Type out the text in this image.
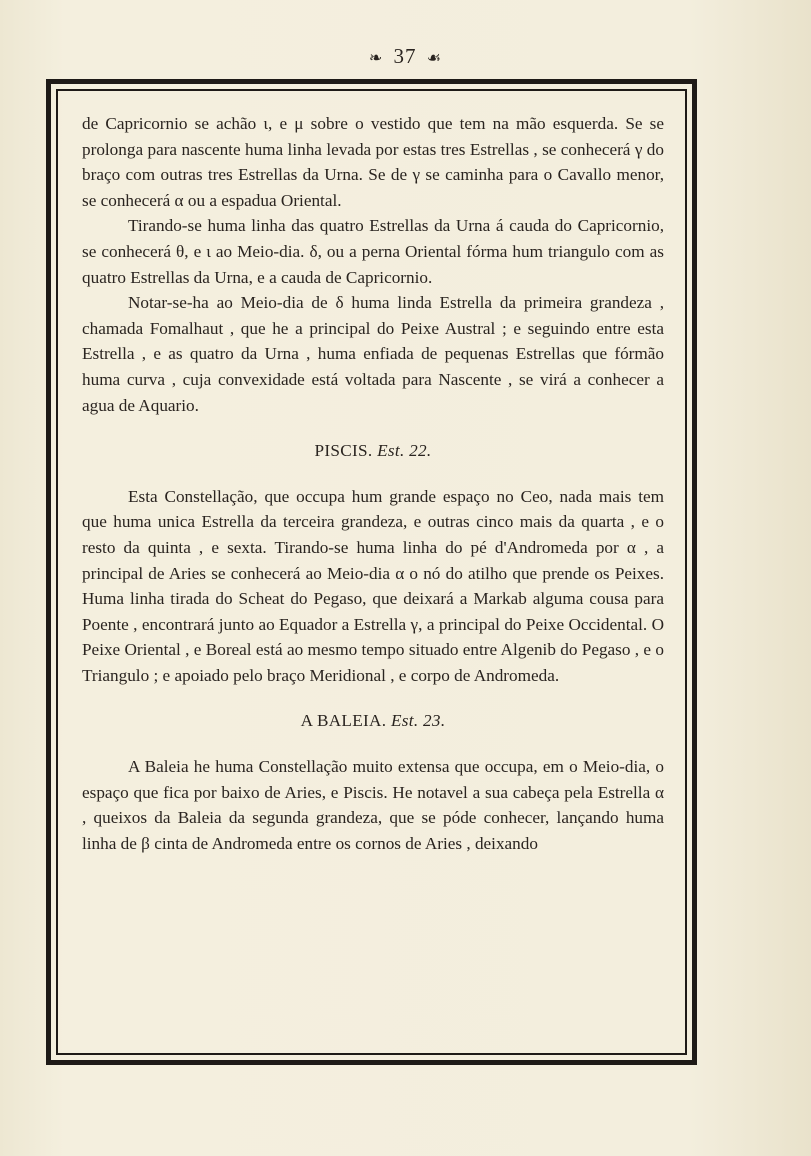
❧ 37 ☙

de Capricornio se achão ι, e μ sobre o vestido que tem na mão esquerda. Se se prolonga para nascente huma linha levada por estas tres Estrellas , se conhecerá γ do braço com outras tres Estrellas da Urna. Se de γ se caminha para o Cavallo menor, se conhecerá α ou a espadua Oriental.

Tirando-se huma linha das quatro Estrellas da Urna á cauda do Capricornio, se conhecerá θ, e ι ao Meio-dia. δ, ou a perna Oriental fórma hum triangulo com as quatro Estrellas da Urna, e a cauda de Capricornio.

Notar-se-ha ao Meio-dia de δ huma linda Estrella da primeira grandeza , chamada Fomalhaut , que he a principal do Peixe Austral ; e seguindo entre esta Estrella , e as quatro da Urna , huma enfiada de pequenas Estrellas que fórmão huma curva , cuja convexidade está voltada para Nascente , se virá a conhecer a agua de Aquario.

PISCIS. Est. 22.

Esta Constellação, que occupa hum grande espaço no Ceo, nada mais tem que huma unica Estrella da terceira grandeza, e outras cinco mais da quarta , e o resto da quinta , e sexta. Tirando-se huma linha do pé d'Andromeda por α , a principal de Aries se conhecerá ao Meio-dia α o nó do atilho que prende os Peixes. Huma linha tirada do Scheat do Pegaso, que deixará a Markab alguma cousa para Poente , encontrará junto ao Equador a Estrella γ, a principal do Peixe Occidental. O Peixe Oriental , e Boreal está ao mesmo tempo situado entre Algenib do Pegaso , e o Triangulo ; e apoiado pelo braço Meridional , e corpo de Andromeda.

A BALEIA. Est. 23.

A Baleia he huma Constellação muito extensa que occupa, em o Meio-dia, o espaço que fica por baixo de Aries, e Piscis. He notavel a sua cabeça pela Estrella α , queixos da Baleia da segunda grandeza, que se póde conhecer, lançando huma linha de β cinta de Andromeda entre os cornos de Aries , deixando
